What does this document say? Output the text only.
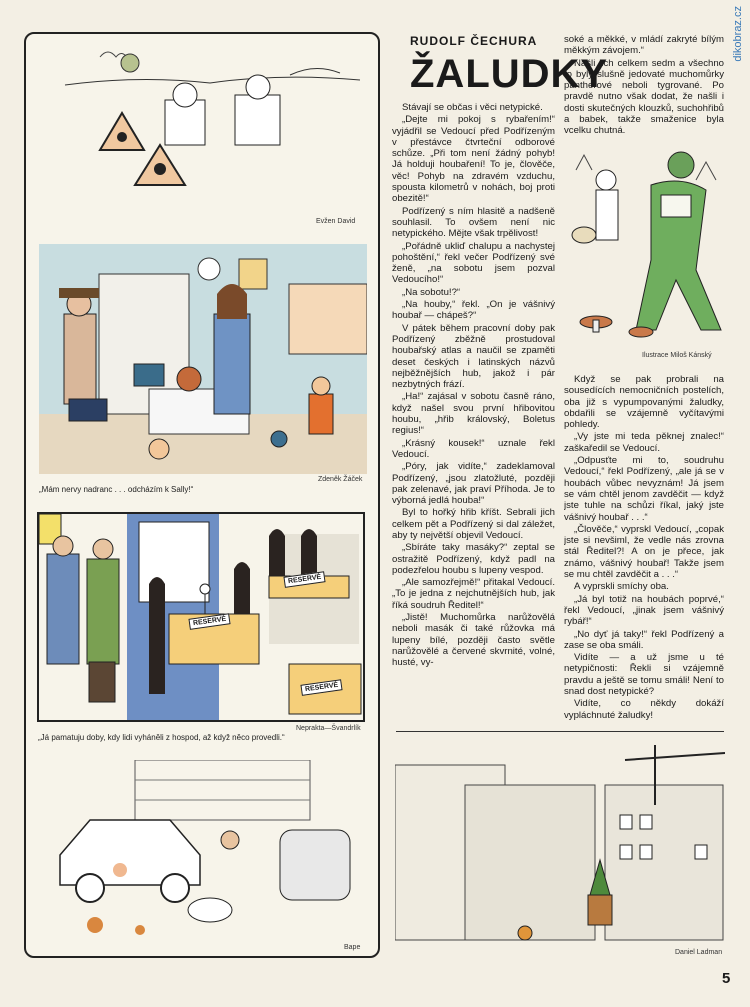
dikobraz.cz
Evžen David
Zdeněk Žáček
„Mám nervy nadranc . . . odcházím k Sally!“
RESERVÉ
RESERVÉ
RESERVÉ
Neprakta—Švandrlík
„Já pamatuju doby, kdy lidi vyháněli z hospod, až když něco provedli.“
Bape
RUDOLF ČECHURA
ŽALUDKY

Stávají se občas i věci netypické.

„Dejte mi pokoj s rybařením!“ vyjádřil se Vedoucí před Podřízeným v přestávce čtvrteční odborové schůze. „Při tom není žádný pohyb! Já holduji houbaření! To je, člověče, věc! Pohyb na zdravém vzduchu, spousta kilometrů v nohách, boj proti obezitě!“

Podřízený s ním hlasitě a nadšeně souhlasil. To ovšem není nic netypického. Mějte však trpělivost!

„Pořádně ukliď chalupu a nachystej pohoštění,“ řekl večer Podřízený své ženě, „na sobotu jsem pozval Vedoucího!“

„Na sobotu!?“

„Na houby,“ řekl. „On je vášnivý houbař — chápeš?“

V pátek během pracovní doby pak Podřízený zběžně prostudoval houbařský atlas a naučil se zpaměti deset českých i latinských názvů nejběžnějších hub, jakož i pár nezbytných frází.

„Ha!“ zajásal v sobotu časně ráno, když našel svou první hřibovitou houbu, „hřib královský, Boletus regius!“

„Krásný kousek!“ uznale řekl Vedoucí.

„Póry, jak vidíte,“ zadeklamoval Podřízený, „jsou zlatožluté, později pak zelenavé, jak praví Příhoda. Je to výborná jedlá houba!“

Byl to hořký hřib kříšt. Sebrali jich celkem pět a Podřízený si dal záležet, aby ty největší objevil Vedoucí.

„Sbíráte taky masáky?“ zeptal se ostražitě Podřízený, když padl na podezřelou houbu s lupeny vespod.

„Ale samozřejmě!“ přitakal Vedoucí. „To je jedna z nejchutnějších hub, jak říká soudruh Ředitel!“

„Jistě! Muchomůrka narůžovělá neboli masák či také růžovka má lupeny bílé, později často světle narůžovělé a červené skvrnité, volné, husté, vy-

soké a měkké, v mládí zakryté bílým měkkým závojem.“

Našli jich celkem sedm a všechno to byly slušně jedovaté muchomůrky pantherové neboli tygrované. Po pravdě nutno však dodat, že našli i dosti skutečných klouzků, suchohřibů a babek, takže smaženice byla vcelku chutná.

Ilustrace Miloš Kánský

Když se pak probrali na sousedících nemocničních postelích, oba již s vypumpovanými žaludky, obdařili se vzájemně vyčítavými pohledy.

„Vy jste mi teda pěknej znalec!“ zaškaředil se Vedoucí.

„Odpusťte mi to, soudruhu Vedoucí,“ řekl Podřízený, „ale já se v houbách vůbec nevyznám! Já jsem se vám chtěl jenom zavděčit — když jste tuhle na schůzi říkal, jaký jste vášnivý houbař . . .“

„Člověče,“ vyprskl Vedoucí, „copak jste si nevšiml, že vedle nás zrovna stál Ředitel?! A on je přece, jak známo, vášnivý houbař! Takže jsem se mu chtěl zavděčit a . . .“

A vyprskli smíchy oba.

„Já byl totiž na houbách poprvé,“ řekl Vedoucí, „jinak jsem vášnivý rybář!“

„No dyť já taky!“ řekl Podřízený a zase se oba smáli.

Vidíte — a už jsme u té netypičnosti: Řekli si vzájemně pravdu a ještě se tomu smáli! Není to snad dost netypické?

Vidíte, co někdy dokáží vypláchnuté žaludky!

Daniel Ladman
5
